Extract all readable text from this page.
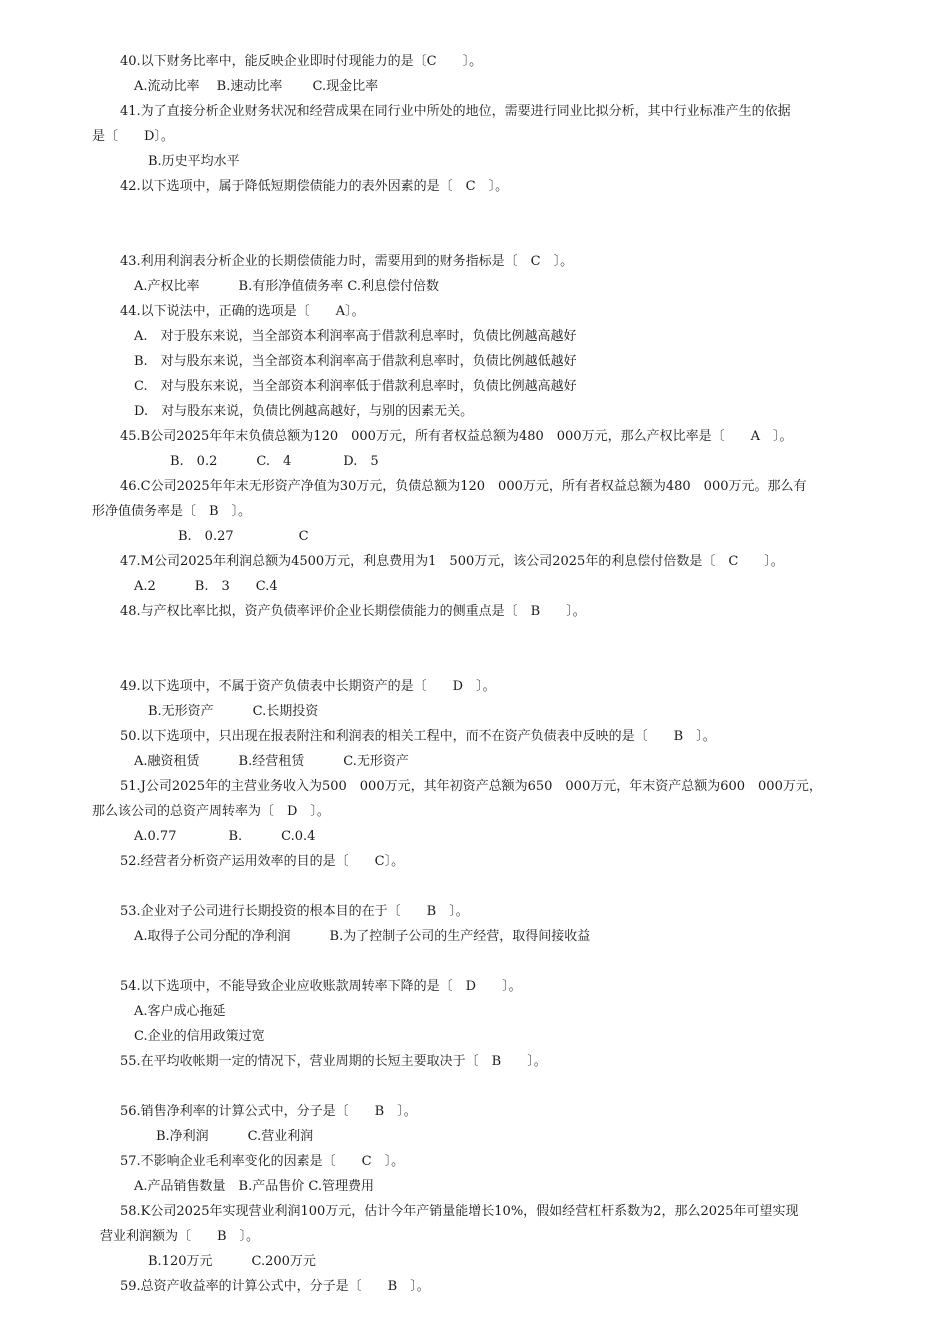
40.以下财务比率中，能反映企业即时付现能力的是〔C　　〕。
A.流动比率　 B.速动比率　　 C.现金比率
41.为了直接分析企业财务状况和经营成果在同行业中所处的地位，需要进行同业比拟分析，其中行业标准产生的依据
是〔　　D〕。
B.历史平均水平
42.以下选项中，属于降低短期偿债能力的表外因素的是〔　C　〕。
43.利用利润表分析企业的长期偿债能力时，需要用到的财务指标是〔　C　〕。
A.产权比率　　　B.有形净值债务率 C.利息偿付倍数
44.以下说法中，正确的选项是〔　　A〕。
A.　对于股东来说，当全部资本利润率高于借款利息率时，负债比例越高越好
B.　对与股东来说，当全部资本利润率高于借款利息率时，负债比例越低越好
C.　对与股东来说，当全部资本利润率低于借款利息率时，负债比例越高越好
D.　对与股东来说，负债比例越高越好，与别的因素无关。
45.B公司2025年年末负债总额为120　000万元，所有者权益总额为480　000万元，那么产权比率是〔　　A　〕。
B.　0.2　　　C.　4　　　　D.　5
46.C公司2025年年末无形资产净值为30万元，负债总额为120　000万元，所有者权益总额为480　000万元。那么有
形净值债务率是〔　B　〕。
B.　0.27　　　　　C
47.M公司2025年利润总额为4500万元，利息费用为1　500万元，该公司2025年的利息偿付倍数是〔　C　　〕。
A.2　　　B.　3　　C.4
48.与产权比率比拟，资产负债率评价企业长期偿债能力的侧重点是〔　B　　〕。
49.以下选项中，不属于资产负债表中长期资产的是〔　　D　〕。
B.无形资产　　　C.长期投资
50.以下选项中，只出现在报表附注和利润表的相关工程中，而不在资产负债表中反映的是〔　　B　〕。
A.融资租赁　　　B.经营租赁　　　C.无形资产
51.J公司2025年的主营业务收入为500　000万元，其年初资产总额为650　000万元，年末资产总额为600　000万元，
那么该公司的总资产周转率为〔　D　〕。
A.0.77　　　　B.　　　C.0.4
52.经营者分析资产运用效率的目的是〔　　C〕。
53.企业对子公司进行长期投资的根本目的在于〔　　B　〕。
A.取得子公司分配的净利润　　　B.为了控制子公司的生产经营，取得间接收益
54.以下选项中，不能导致企业应收账款周转率下降的是〔　D　　〕。
A.客户成心拖延
C.企业的信用政策过宽
55.在平均收帐期一定的情况下，营业周期的长短主要取决于〔　B　　〕。
56.销售净利率的计算公式中，分子是〔　　B　〕。
B.净利润　　　C.营业利润
57.不影响企业毛利率变化的因素是〔　　C　〕。
A.产品销售数量　B.产品售价 C.管理费用
58.K公司2025年实现营业利润100万元，估计今年产销量能增长10%，假如经营杠杆系数为2，那么2025年可望实现
营业利润额为〔　　B　〕。
B.120万元　　　C.200万元
59.总资产收益率的计算公式中，分子是〔　　B　〕。
